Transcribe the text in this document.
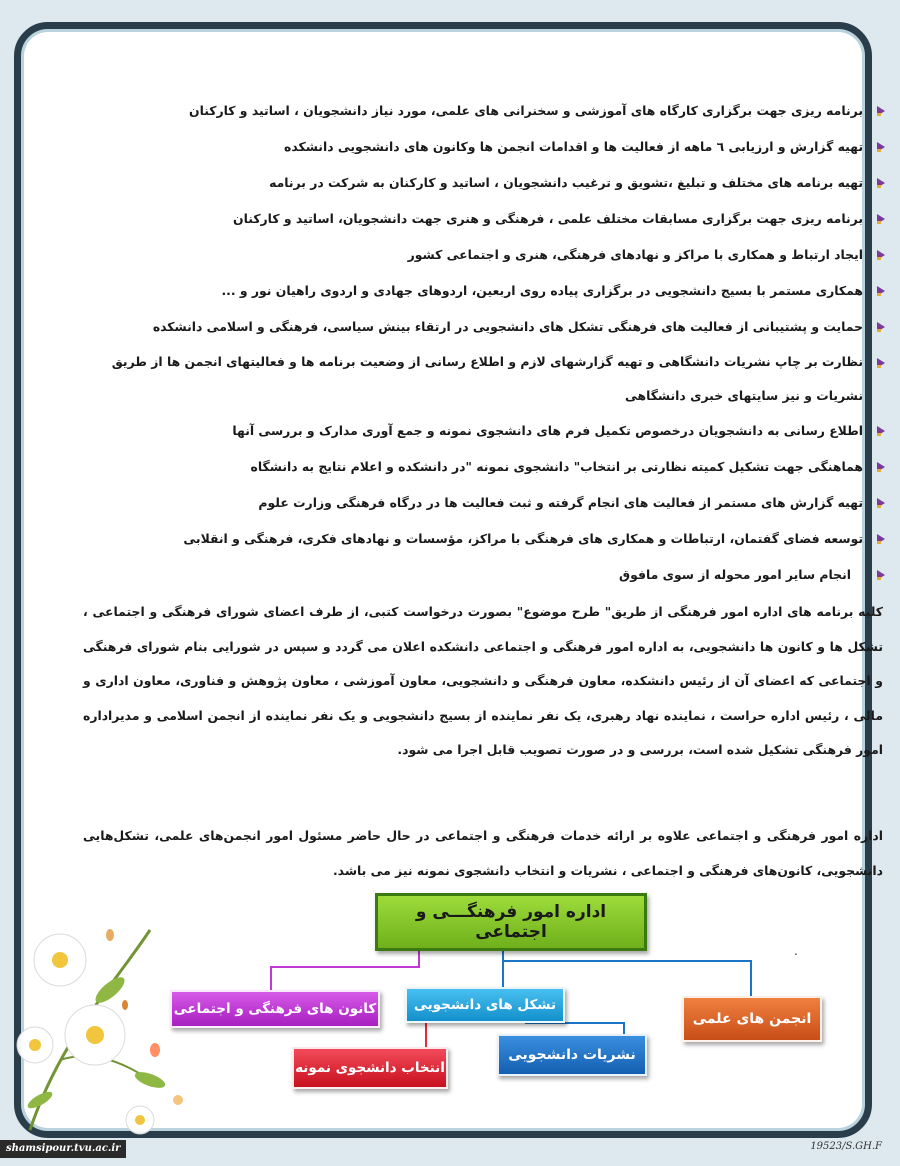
برنامه ریزی جهت برگزاری کارگاه های آموزشی و سخنرانی های علمی، مورد نیاز دانشجویان ، اساتید و کارکنان
تهیه گزارش و ارزیابی ٦ ماهه از فعالیت ها و اقدامات انجمن ها وکانون های دانشجویی دانشکده
تهیه برنامه های مختلف و تبلیغ ،تشویق و ترغیب دانشجویان ، اساتید و کارکنان به شرکت در برنامه
برنامه ریزی جهت برگزاری مسابقات مختلف علمی ، فرهنگی و هنری جهت دانشجویان، اساتید و کارکنان
ایجاد ارتباط و همکاری با مراکز و نهادهای فرهنگی، هنری و اجتماعی کشور
همکاری مستمر با بسیج دانشجویی در برگزاری پیاده روی اربعین، اردوهای جهادی و اردوی راهیان نور و ...
حمایت و پشتیبانی از فعالیت های فرهنگی تشکل های دانشجویی در ارتقاء بینش سیاسی، فرهنگی و اسلامی دانشکده
نظارت بر چاپ نشریات دانشگاهی و تهیه گزارشهای لازم و اطلاع رسانی از وضعیت برنامه ها و فعالیتهای انجمن ها از طریق نشریات و نیز سایتهای خبری دانشگاهی
اطلاع رسانی به دانشجویان درخصوص تکمیل فرم های دانشجوی نمونه و جمع آوری مدارک و بررسی آنها
هماهنگی جهت تشکیل کمیته نظارتی بر انتخاب" دانشجوی نمونه "در دانشکده و اعلام نتایج به دانشگاه
تهیه گزارش های مستمر از فعالیت های انجام گرفته و ثبت فعالیت ها در درگاه فرهنگی وزارت علوم
توسعه فضای گفتمان، ارتباطات و همکاری های فرهنگی با مراکز، مؤسسات و نهادهای فکری، فرهنگی و انقلابی
انجام سایر امور محوله از سوی مافوق
کلیه برنامه های اداره امور فرهنگی از طریق" طرح موضوع" بصورت درخواست کتبی، از طرف اعضای شورای فرهنگی و اجتماعی ، تشکل ها و کانون ها دانشجویی، به اداره امور فرهنگی و اجتماعی دانشکده اعلان می گردد و سپس در شورایی بنام شورای فرهنگی و اجتماعی که اعضای آن از رئیس دانشکده، معاون فرهنگی و دانشجویی، معاون آموزشی ، معاون پژوهش و فناوری، معاون اداری و مالی ، رئیس اداره حراست ، نماینده نهاد رهبری، یک نفر نماینده از بسیج دانشجویی و یک نفر نماینده از انجمن اسلامی و مدیراداره امور فرهنگی تشکیل شده است، بررسی و در صورت تصویب قابل اجرا می شود.
اداره امور فرهنگی و اجتماعی علاوه بر ارائه خدمات فرهنگی و اجتماعی در حال حاضر مسئول امور انجمن‌های علمی، تشکل‌هایی دانشجویی، کانون‌های فرهنگی و اجتماعی ، نشریات و انتخاب دانشجوی نمونه نیز می باشد.
اداره امور فرهنگـــی و اجتماعی
کانون های فرهنگی و اجتماعی	تشکل های دانشجویی
انجمن های علمی
نشریات دانشجویی
انتخاب دانشجوی نمونه
.
shamsipour.tvu.ac.ir	19523/S.GH.F
